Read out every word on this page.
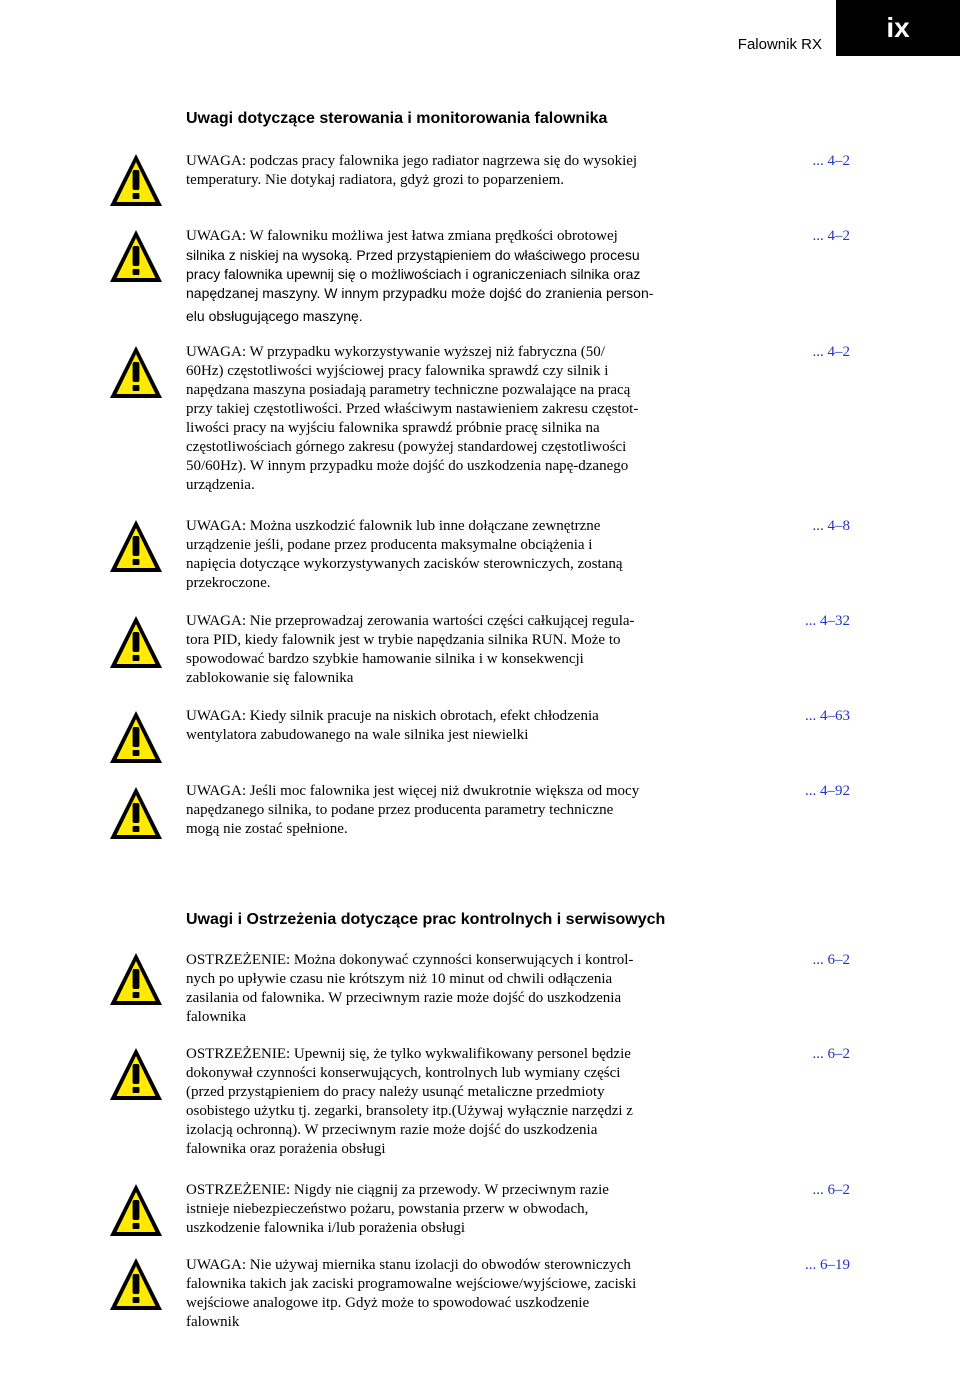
Falownik RX
ix
Uwagi dotyczące sterowania i monitorowania falownika
UWAGA: podczas pracy falownika jego radiator nagrzewa się do wysokiej
temperatury. Nie dotykaj radiatora, gdyż grozi to poparzeniem.
... 4–2
UWAGA: W falowniku możliwa jest łatwa zmiana prędkości obrotowej
silnika z niskiej na wysoką. Przed przystąpieniem do właściwego procesu
pracy falownika upewnij się o możliwościach i ograniczeniach silnika oraz
napędzanej maszyny. W innym przypadku może dojść do zranienia person-
elu obsługującego maszynę.
... 4–2
UWAGA: W przypadku wykorzystywanie wyższej niż fabryczna (50/
60Hz) częstotliwości wyjściowej pracy falownika sprawdź czy silnik i
napędzana maszyna posiadają parametry techniczne pozwalające na pracą
przy takiej częstotliwości. Przed właściwym nastawieniem zakresu częstot-
liwości pracy na wyjściu falownika sprawdź próbnie pracę silnika na
częstotliwościach górnego zakresu (powyżej standardowej częstotliwości
50/60Hz). W innym przypadku może dojść do uszkodzenia napę-dzanego
urządzenia.
... 4–2
UWAGA: Można uszkodzić falownik lub inne dołączane zewnętrzne
urządzenie jeśli, podane przez producenta maksymalne obciążenia i
napięcia dotyczące wykorzystywanych zacisków sterowniczych, zostaną
przekroczone.
... 4–8
UWAGA: Nie przeprowadzaj zerowania wartości części całkującej regula-
tora PID, kiedy falownik jest w trybie napędzania silnika RUN. Może to
spowodować bardzo szybkie hamowanie silnika i w konsekwencji
zablokowanie się falownika
... 4–32
UWAGA: Kiedy silnik pracuje na niskich obrotach, efekt chłodzenia
wentylatora zabudowanego na wale silnika jest niewielki
... 4–63
UWAGA: Jeśli moc falownika jest więcej niż dwukrotnie większa od mocy
napędzanego silnika, to podane przez producenta parametry techniczne
mogą nie zostać spełnione.
... 4–92
Uwagi i Ostrzeżenia dotyczące prac kontrolnych i serwisowych
OSTRZEŻENIE: Można dokonywać czynności konserwujących i kontrol-
nych po upływie czasu nie krótszym niż 10 minut od chwili odłączenia
zasilania od falownika. W przeciwnym razie może dojść do uszkodzenia
falownika
... 6–2
OSTRZEŻENIE: Upewnij się, że tylko wykwalifikowany personel będzie
dokonywał czynności konserwujących, kontrolnych lub wymiany części
(przed przystąpieniem do pracy należy usunąć metaliczne przedmioty
osobistego użytku tj. zegarki, bransolety itp.(Używaj wyłącznie narzędzi z
izolacją ochronną). W przeciwnym razie może dojść do uszkodzenia
falownika oraz porażenia obsługi
... 6–2
OSTRZEŻENIE: Nigdy nie ciągnij za przewody. W przeciwnym razie
istnieje niebezpieczeństwo pożaru, powstania przerw w obwodach,
uszkodzenie falownika i/lub porażenia obsługi
... 6–2
UWAGA: Nie używaj miernika stanu izolacji do obwodów sterowniczych
falownika takich jak zaciski programowalne wejściowe/wyjściowe, zaciski
wejściowe analogowe itp. Gdyż może to spowodować uszkodzenie
falownik
... 6–19
